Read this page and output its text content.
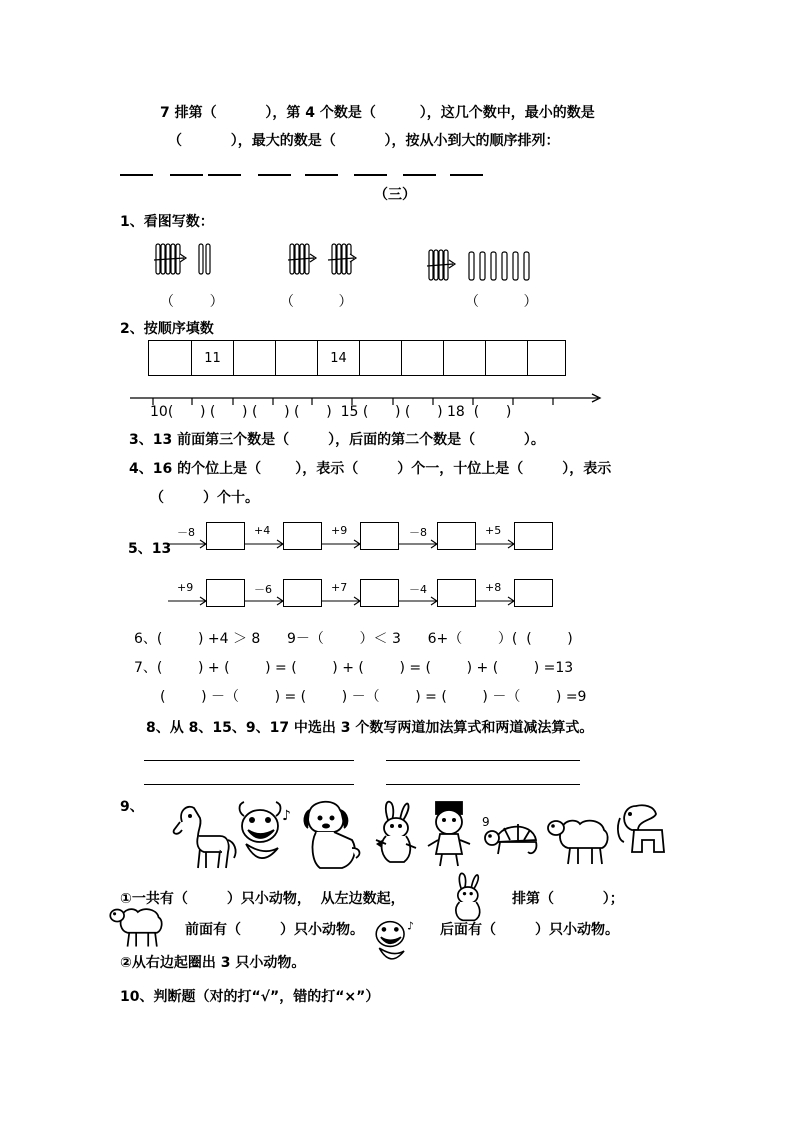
7 排第（          ），第 4 个数是（         ），这几个数中，最小的数是
（          ），最大的数是（          ），按从小到大的顺序排列：
（三）
1、看图写数：
（        ）	（          ）	（          ）
2、按顺序填数
11	14
10(      ) (      ) (      ) (      )  15 (      ) (      ) 18  (      )
3、13 前面第三个数是（        ），后面的第二个数是（          ）。
4、16 的个位上是（       ），表示（        ）个一，十位上是（        ），表示
（        ）个十。
5、13
－8	+4	+9	－8	+5
+9	－6	+7	－4	+8
6、(        ) +4 ＞ 8      9－（        ）＜ 3      6+（        ）(  (        )
7、(        ) + (        ) = (        ) + (        ) = (        ) + (        ) =13
(        ) －（        ) = (        ) －（        ) = (        ) －（        ) =9
8、从 8、15、9、17 中选出 3 个数写两道加法算式和两道减法算式。
9、
♪	9
①一共有（        ）只小动物，  从左边数起，	排第（          ）；
前面有（        ）只小动物。	♪ 后面有（        ）只小动物。
②从右边起圈出 3 只小动物。
10、判断题（对的打“√”，错的打“×”）
